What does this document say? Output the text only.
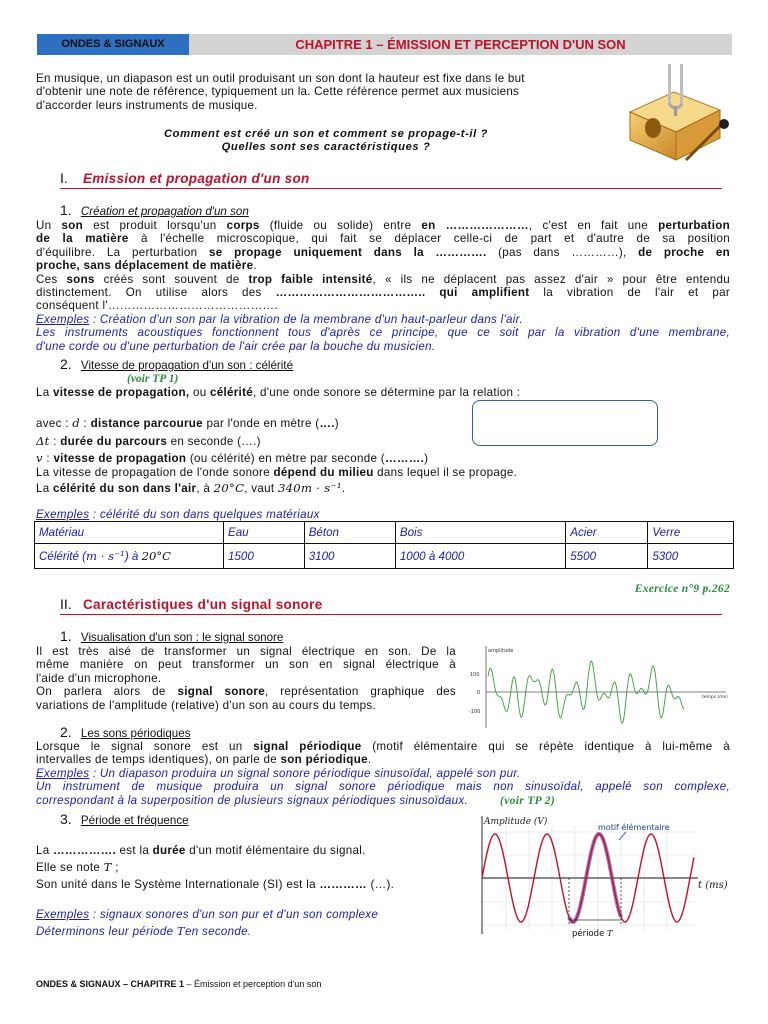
ONDES & SIGNAUX	CHAPITRE 1 – ÉMISSION ET PERCEPTION D'UN SON
En musique, un diapason est un outil produisant un son dont la hauteur est fixe dans le but
d'obtenir une note de référence, typiquement un la. Cette référence permet aux musiciens
d'accorder leurs instruments de musique.
Comment est créé un son et comment se propage-t-il ?
Quelles sont ses caractéristiques ?
I. Emission et propagation d'un son
1. Création et propagation d'un son
Un son est produit lorsqu'un corps (fluide ou solide) entre en …………………, c'est en fait une perturbation
de la matière à l'échelle microscopique, qui fait se déplacer celle-ci de part et d'autre de sa position
d'équilibre. La perturbation se propage uniquement dans la …………. (pas dans …………), de proche en
proche, sans déplacement de matière.
Ces sons créés sont souvent de trop faible intensité, « ils ne déplacent pas assez d'air » pour être entendu
distinctement. On utilise alors des ……………………………….. qui amplifient la vibration de l'air et par
conséquent l'…………………………………….
Exemples : Création d'un son par la vibration de la membrane d'un haut-parleur dans l'air.
Les instruments acoustiques fonctionnent tous d'après ce principe, que ce soit par la vibration d'une membrane,
d'une corde ou d'une perturbation de l'air crée par la bouche du musicien.
2. Vitesse de propagation d'un son : célérité
(voir TP 1)
La vitesse de propagation, ou célérité, d'une onde sonore se détermine par la relation :
avec : d : distance parcourue par l'onde en mètre (….)
Δt : durée du parcours en seconde (….)
v : vitesse de propagation (ou célérité) en mètre par seconde (……….)
La vitesse de propagation de l'onde sonore dépend du milieu dans lequel il se propage.
La célérité du son dans l'air, à 20°C, vaut 340m · s⁻¹.
Exemples : célérité du son dans quelques matériaux
Matériau	Eau	Béton	Bois	Acier	Verre
Célérité (m · s⁻¹) à 20°C	1500	3100	1000 à 4000	5500	5300
Exercice n°9 p.262
II. Caractéristiques d'un signal sonore
1. Visualisation d'un son : le signal sonore
Il est très aisé de transformer un signal électrique en son. De la
même manière on peut transformer un son en signal électrique à
l'aide d'un microphone.
On parlera alors de signal sonore, représentation graphique des
variations de l'amplitude (relative) d'un son au cours du temps.
amplitude
100
0
-100
temps (ms)
2. Les sons périodiques
Lorsque le signal sonore est un signal périodique (motif élémentaire qui se répète identique à lui-même à
intervalles de temps identiques), on parle de son périodique.
Exemples : Un diapason produira un signal sonore périodique sinusoïdal, appelé son pur.
Un instrument de musique produira un signal sonore périodique mais non sinusoïdal, appelé son complexe,
correspondant à la superposition de plusieurs signaux périodiques sinusoïdaux.	(voir TP 2)
3. Période et fréquence
La ……………. est la durée d'un motif élémentaire du signal.
Elle se note T ;
Son unité dans le Système Internationale (SI) est la ………… (…).
Exemples : signaux sonores d'un son pur et d'un son complexe
Déterminons leur période Ten seconde.
Amplitude (V)
t (ms)
motif élémentaire
période T
ONDES & SIGNAUX – CHAPITRE 1 – Émission et perception d'un son
